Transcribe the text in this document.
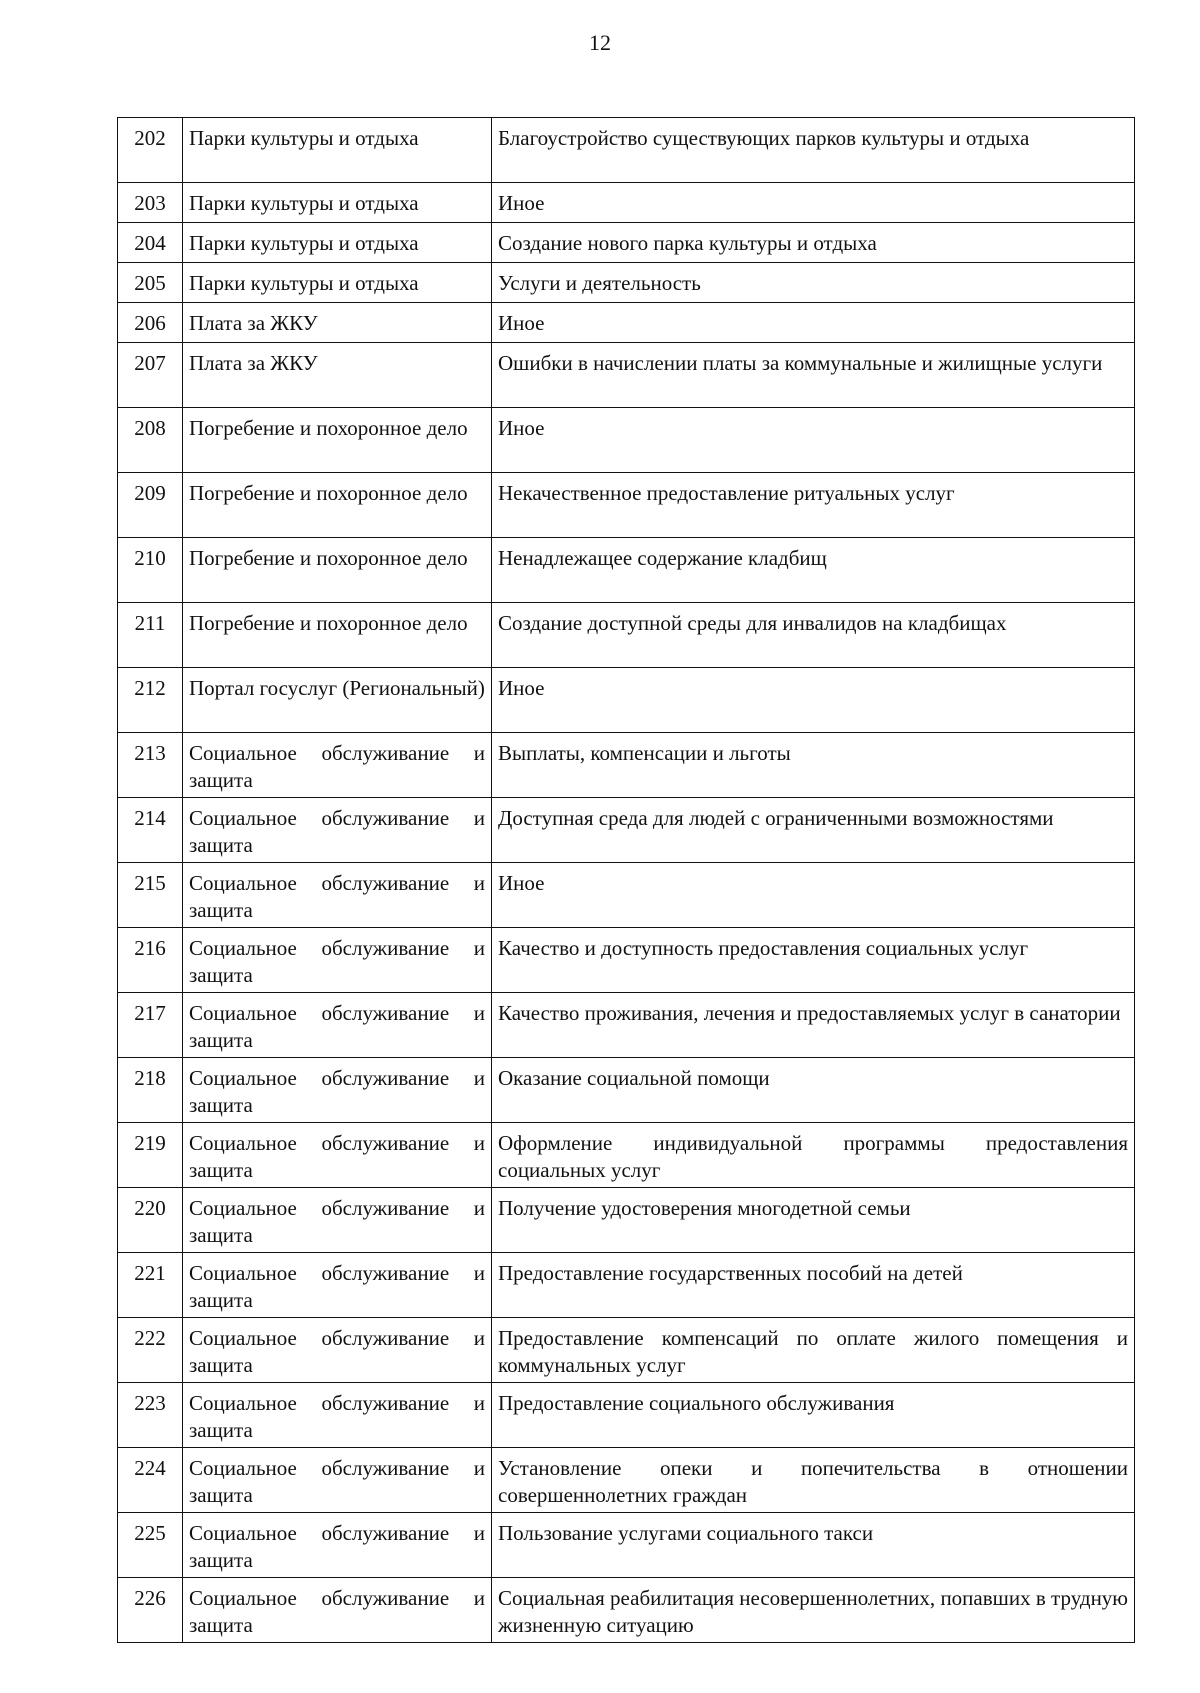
12
202	Парки культуры и отдыха	Благоустройство существующих парков культуры и отдыха
203	Парки культуры и отдыха	Иное
204	Парки культуры и отдыха	Создание нового парка культуры и отдыха
205	Парки культуры и отдыха	Услуги и деятельность
206	Плата за ЖКУ	Иное
207	Плата за ЖКУ	Ошибки в начислении платы за коммунальные и жилищные услуги
208	Погребение и похоронное дело	Иное
209	Погребение и похоронное дело	Некачественное предоставление ритуальных услуг
210	Погребение и похоронное дело	Ненадлежащее содержание кладбищ
211	Погребение и похоронное дело	Создание доступной среды для инвалидов на кладбищах
212	Портал госуслуг (Региональный)	Иное
213	Социальное обслуживание и защита	Выплаты, компенсации и льготы
214	Социальное обслуживание и защита	Доступная среда для людей с ограниченными возможностями
215	Социальное обслуживание и защита	Иное
216	Социальное обслуживание и защита	Качество и доступность предоставления социальных услуг
217	Социальное обслуживание и защита	Качество проживания, лечения и предоставляемых услуг в санатории
218	Социальное обслуживание и защита	Оказание социальной помощи
219	Социальное обслуживание и защита	Оформление индивидуальной программы предоставления социальных услуг
220	Социальное обслуживание и защита	Получение удостоверения многодетной семьи
221	Социальное обслуживание и защита	Предоставление государственных пособий на детей
222	Социальное обслуживание и защита	Предоставление компенсаций по оплате жилого помещения и коммунальных услуг
223	Социальное обслуживание и защита	Предоставление социального обслуживания
224	Социальное обслуживание и защита	Установление опеки и попечительства в отношении совершеннолетних граждан
225	Социальное обслуживание и защита	Пользование услугами социального такси
226	Социальное обслуживание и защита	Социальная реабилитация несовершеннолетних, попавших в трудную жизненную ситуацию
